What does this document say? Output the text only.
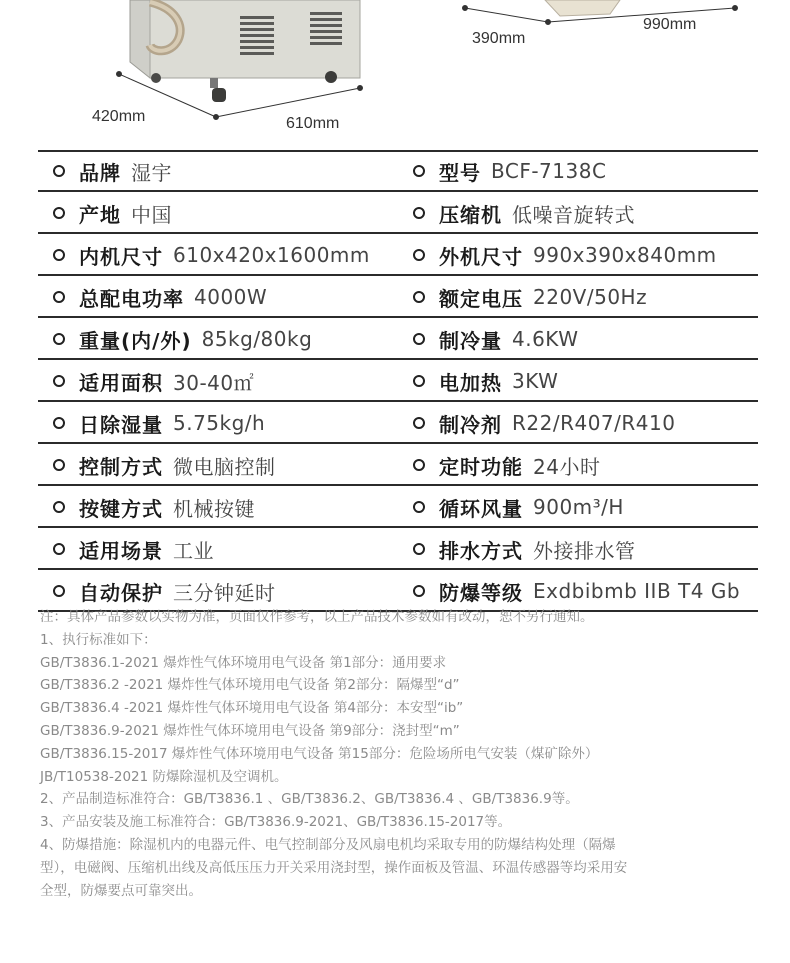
420mm	610mm
390mm
990mm
品牌 湿宇	型号 BCF-7138C
产地 中国	压缩机 低噪音旋转式
内机尺寸 610x420x1600mm	外机尺寸 990x390x840mm
总配电功率 4000W	额定电压 220V/50Hz
重量(内/外) 85kg/80kg	制冷量 4.6KW
适用面积 30-40㎡	电加热 3KW
日除湿量 5.75kg/h	制冷剂 R22/R407/R410
控制方式 微电脑控制	定时功能 24小时
按键方式 机械按键	循环风量 900m³/H
适用场景 工业	排水方式 外接排水管
自动保护 三分钟延时	防爆等级 Exdbibmb IIB T4 Gb
注：具体产品参数以实物为准，页面仅作参考，以上产品技术参数如有改动，恕不另行通知。
1、执行标准如下：
GB/T3836.1-2021 爆炸性气体环境用电气设备 第1部分：通用要求
GB/T3836.2 -2021 爆炸性气体环境用电气设备 第2部分：隔爆型“d”
GB/T3836.4 -2021 爆炸性气体环境用电气设备 第4部分：本安型“ib”
GB/T3836.9-2021 爆炸性气体环境用电气设备 第9部分：浇封型“m”
GB/T3836.15-2017 爆炸性气体环境用电气设备 第15部分：危险场所电气安装（煤矿除外）
JB/T10538-2021 防爆除湿机及空调机。
2、产品制造标准符合：GB/T3836.1 、GB/T3836.2、GB/T3836.4 、GB/T3836.9等。
3、产品安装及施工标准符合：GB/T3836.9-2021、GB/T3836.15-2017等。
4、防爆措施：除湿机内的电器元件、电气控制部分及风扇电机均采取专用的防爆结构处理（隔爆
型），电磁阀、压缩机出线及高低压压力开关采用浇封型，操作面板及管温、环温传感器等均采用安
全型，防爆要点可靠突出。
